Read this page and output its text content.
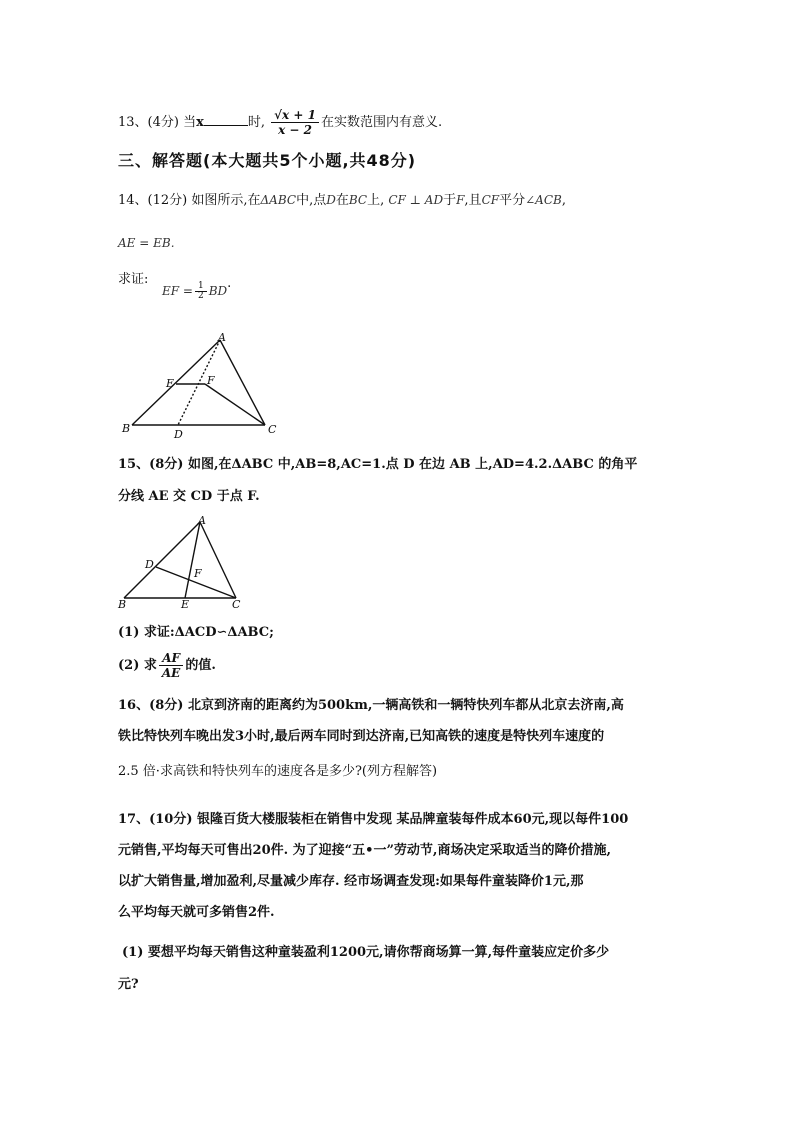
13、(4分) 当x	时, $\frac{√x + 1}{x - 2}$ 在实数范围内有意义.
三、解答题(本大题共5个小题,共48分)
14、(12分) 如图所示,在ΔABC中,点D在BC上, CF ⊥ AD于F,且CF平分∠ACB,
AE = EB.
求证:
EF = $\frac{1}{2}$ BD.
A
E	F
B	D	C
15、(8分) 如图,在ΔABC 中,AB=8,AC=1.点 D 在边 AB 上,AD=4.2.ΔABC 的角平
分线 AE 交 CD 于点 F.
A
D
F
B	E	C
(1) 求证:ΔACD∽ΔABC;
(2) 求 $\frac{AF}{AE}$ 的值.
16、(8分) 北京到济南的距离约为500km,一辆高铁和一辆特快列车都从北京去济南,高
铁比特快列车晚出发3小时,最后两车同时到达济南,已知高铁的速度是特快列车速度的
2.5 倍·求高铁和特快列车的速度各是多少?(列方程解答)
17、(10分) 银隆百货大楼服装柜在销售中发现 某品牌童装每件成本60元,现以每件100
元销售,平均每天可售出20件. 为了迎接“五•一”劳动节,商场决定采取适当的降价措施,
以扩大销售量,增加盈利,尽量减少库存. 经市场调查发现:如果每件童装降价1元,那
么平均每天就可多销售2件.
(1) 要想平均每天销售这种童装盈利1200元,请你帮商场算一算,每件童装应定价多少
元?
